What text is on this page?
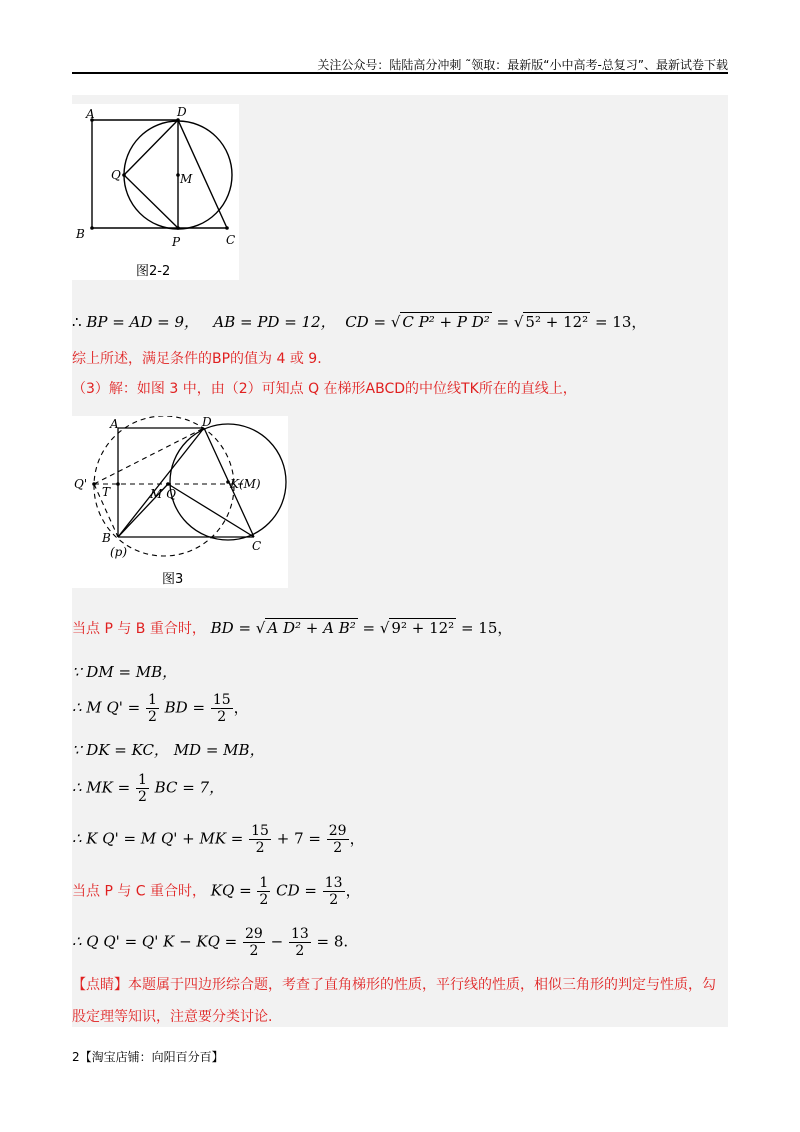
关注公众号：陆陆高分冲刺 ˜领取：最新版“小中高考-总复习”、最新试卷下载
A	D
Q	M
B
P	C
图2-2
∴ BP = AD = 9， AB = PD = 12， CD = √ C P² + P D² = √ 5² + 12² = 13，
综上所述，满足条件的BP的值为 4 或 9.
（3）解：如图 3 中，由（2）可知点 Q 在梯形ABCD的中位线TK所在的直线上，
A	D
Q'
T	M Q
K(M)
B
(p)	C
图3
当点 P 与 B 重合时， BD = √ A D² + A B² = √ 9² + 12² = 15，
∵ DM = MB，
∴ M $Q' = \frac{1}{2}$ BD = $\frac{15}{2}$ ，
∵ DK = KC， MD = MB，
∴ MK = $\frac{1}{2}$ BC = 7，
∴ K Q' = M Q' + MK = $\frac{15}{2} + 7 = \frac{29}{2}$ ，
当点 P 与 C 重合时， KQ = $\frac{1}{2}$ CD = $\frac{13}{2}$ ，
∴ Q Q' = Q' K − KQ = $\frac{29}{2} - \frac{13}{2} = 8$.
【点睛】本题属于四边形综合题，考查了直角梯形的性质，平行线的性质，相似三角形的判定与性质，勾
股定理等知识，注意要分类讨论.
2【淘宝店铺：向阳百分百】
